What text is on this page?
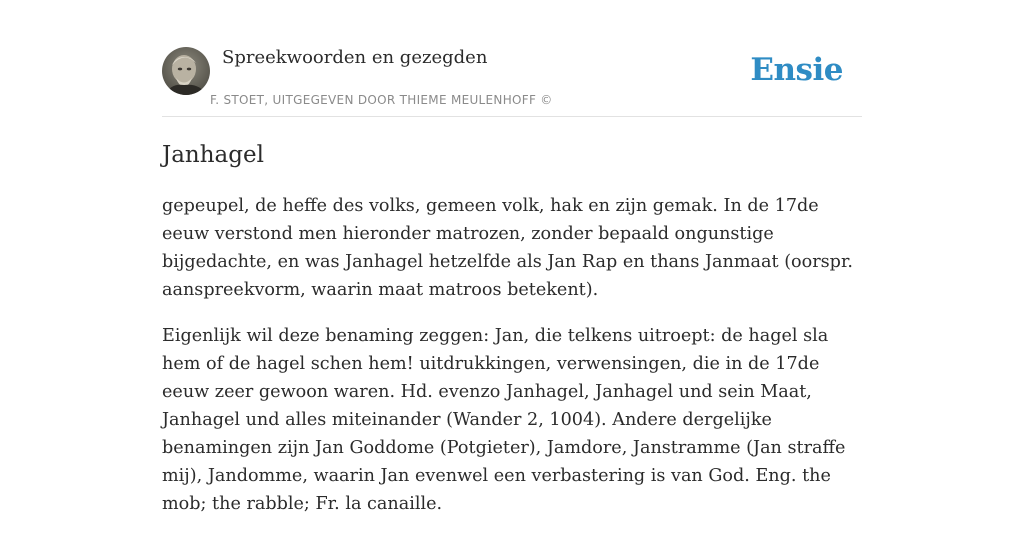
Spreekwoorden en gezegden
F. STOET, UITGEGEVEN DOOR THIEME MEULENHOFF ©
Ensie
Janhagel

gepeupel, de heffe des volks, gemeen volk, hak en zijn gemak. In de 17de eeuw verstond men hieronder matrozen, zonder bepaald ongunstige bijgedachte, en was Janhagel hetzelfde als Jan Rap en thans Janmaat (oorspr. aanspreekvorm, waarin maat matroos betekent).

Eigenlijk wil deze benaming zeggen: Jan, die telkens uitroept: de hagel sla hem of de hagel schen hem! uitdrukkingen, verwensingen, die in de 17de eeuw zeer gewoon waren. Hd. evenzo Janhagel, Janhagel und sein Maat, Janhagel und alles miteinander (Wander 2, 1004). Andere dergelijke benamingen zijn Jan Goddome (Potgieter), Jamdore, Janstramme (Jan straffe mij), Jandomme, waarin Jan evenwel een verbastering is van God. Eng. the mob; the rabble; Fr. la canaille.
